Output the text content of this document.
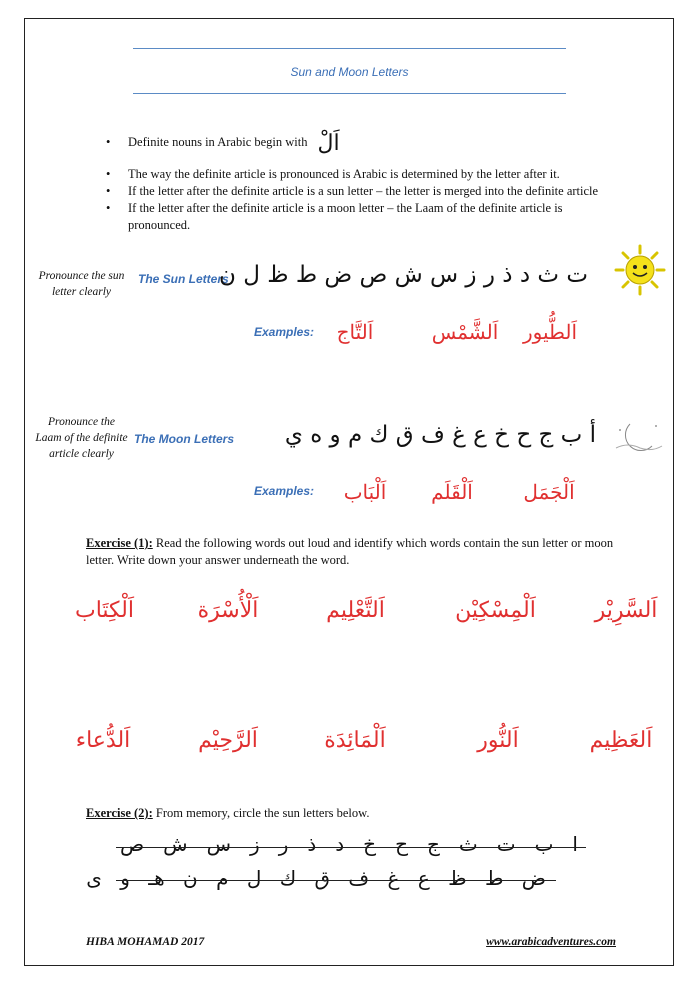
Sun and Moon Letters
• Definite nouns in Arabic begin with اَلْ
• The way the definite article is pronounced is Arabic is determined by the letter after it.
• If the letter after the definite article is a sun letter – the letter is merged into the definite article
• If the letter after the definite article is a moon letter – the Laam of the definite article is pronounced.
Pronounce the sun letter clearly
The Sun Letters
ت ث د ذ ر ز س ش ص ض ط ظ ل ن
Examples:	اَلطُّيور
اَلشَّمْس
اَلتَّاج
Pronounce the Laam of the definite article clearly
The Moon Letters أ ب ج ح خ ع غ ف ق ك م و ه ي
Examples:	اَلْجَمَل
اَلْقَلَم
اَلْبَاب
Exercise (1): Read the following words out loud and identify which words contain the sun letter or moon letter. Write down your answer underneath the word.
اَلسَّرِيْر
اَلْمِسْكِيْن
اَلتَّعْلِيم
اَلْأُسْرَة
اَلْكِتَاب
اَلعَظِيم
اَلنُّور
اَلْمَائِدَة
اَلرَّحِيْم
اَلدُّعاء
Exercise (2): From memory, circle the sun letters below.
ا ب ت ث ج ح خ د ذ ر ز س ش ص
ض ط ظ ع غ ف ق ك ل م ن هـ و ى
HIBA MOHAMAD 2017	www.arabicadventures.com
